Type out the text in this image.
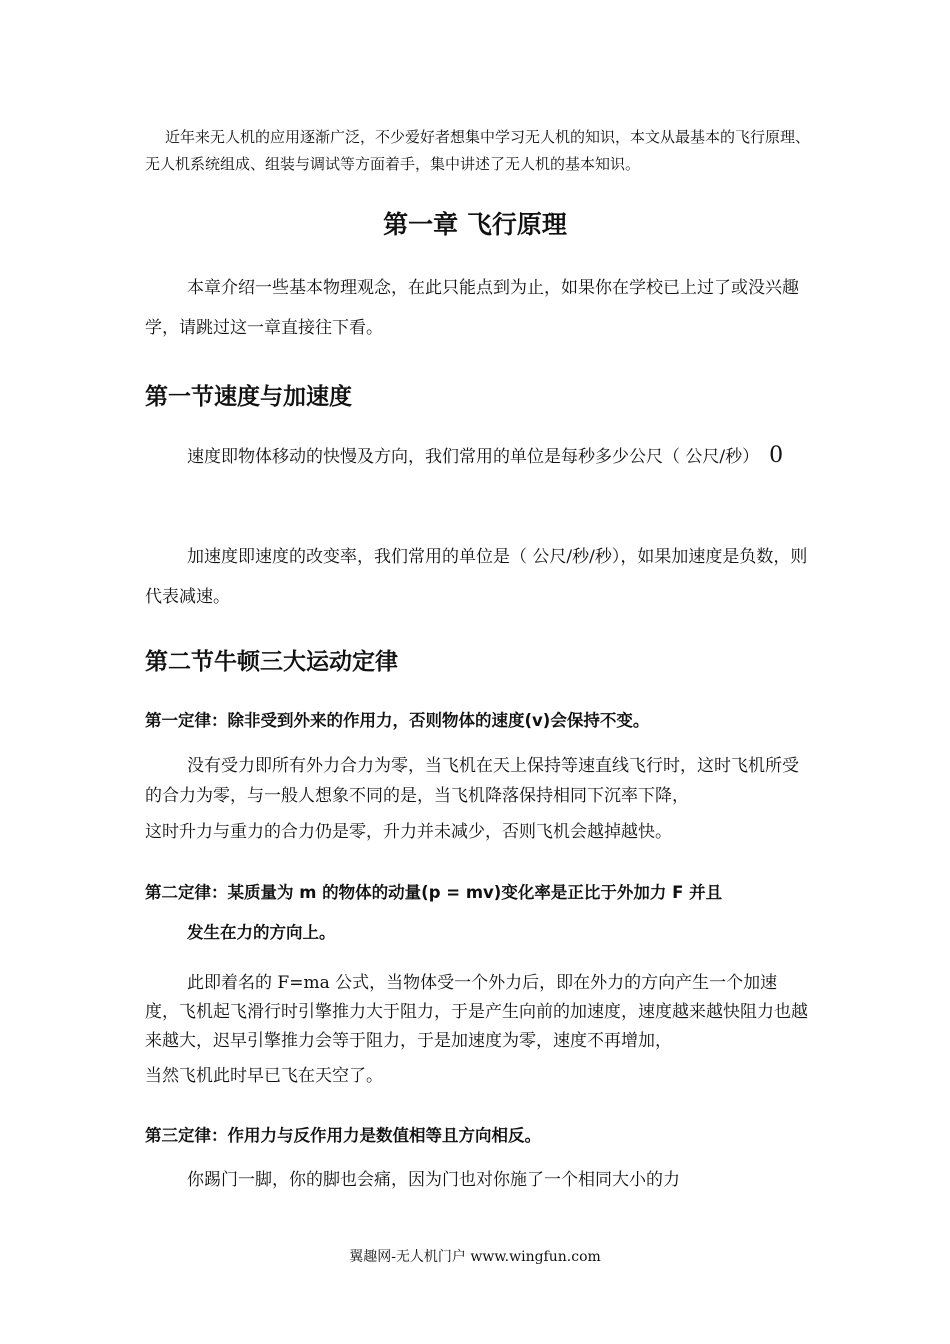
近年来无人机的应用逐渐广泛，不少爱好者想集中学习无人机的知识，本文从最基本的飞行原理、无人机系统组成、组装与调试等方面着手，集中讲述了无人机的基本知识。

第一章 飞行原理

本章介绍一些基本物理观念，在此只能点到为止，如果你在学校已上过了或没兴趣学，请跳过这一章直接往下看。

第一节速度与加速度

速度即物体移动的快慢及方向，我们常用的单位是每秒多少公尺（ 公尺/秒） 0

加速度即速度的改变率，我们常用的单位是（ 公尺/秒/秒），如果加速度是负数，则代表减速。

第二节牛顿三大运动定律

第一定律：除非受到外来的作用力，否则物体的速度(v)会保持不变。

没有受力即所有外力合力为零，当飞机在天上保持等速直线飞行时，这时飞机所受的合力为零，与一般人想象不同的是，当飞机降落保持相同下沉率下降，
这时升力与重力的合力仍是零，升力并未减少，否则飞机会越掉越快。

第二定律：某质量为 m 的物体的动量(p = mv)变化率是正比于外加力 F 并且
发生在力的方向上。

此即着名的 F=ma 公式，当物体受一个外力后，即在外力的方向产生一个加速度，飞机起飞滑行时引擎推力大于阻力，于是产生向前的加速度，速度越来越快阻力也越来越大，迟早引擎推力会等于阻力，于是加速度为零，速度不再增加，
当然飞机此时早已飞在天空了。

第三定律：作用力与反作用力是数值相等且方向相反。

你踢门一脚，你的脚也会痛，因为门也对你施了一个相同大小的力

翼趣网-无人机门户 www.wingfun.com
